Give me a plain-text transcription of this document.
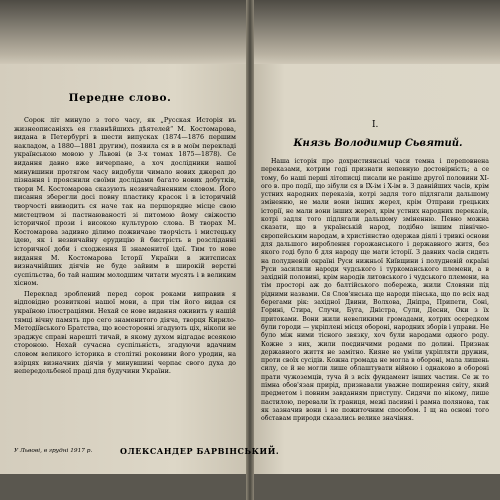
Передне слово.

Сорок літ минуло з того часу, як „Русская Исторія въ жизнеописаніяхъ ея главнѣйшихъ дѣятелей“ М. Костомарова, видана в Петербургі в шести випусках (1874—1876 першим накладом, а 1880—1881 другим), появила ся в в моїм перекладі українською мовою у Львові (в 3-х томах 1875—1878). Се видання давно вже вичерпане, а хоч дослідники нашої минувшини протягом часу видобули чимало нових джерел до пізнання і прояснили своїми дослідами багато нових добутків, твори М. Костомарова сказують незвичайненним словом. Його писання зберегли досі повну пластику красок і в історичній творчості ввиводить ся наче так на першорядне місце свою мистецтвом зі пастнаюваності зі питомою йому свіжостю історичної прози і високою культурою слова. В творах М. Костомарова задивно ділимо пожвичаве творчість і мистецьку ідею, як і незвичайну ерудицію й бистрість в розсліданні історичної доби і сходження її знаменитої ідеї. Тим то нове видання М. Костомарова Історії України в житєписах визначнійших діячів не буде зайвим в широкій верстві суспільства, бо тай нашим молодшим читати мусять і в великим хісном.

Переклад зроблений перед сорок роками виправив я відповідно розвиткові нашої мови, а при тім його видав ся україною ілюстраціями. Нехай се нове видання оживить у нашій тямці вічну память про сего знаменитого діяча, творця Кирило-Методіївського Братства, що всесторонні згадують ціх, ніколи не зраджує справі нарешті тичай, в якому духом відгадає всеякою стороною. Нехай сучасна суспільність, згадуючи вдачним словом великого історика в столітні роковини його уродин, на взірцях визначних діячів у минувшині черпає свого духа до непередольбеної праці для будучини України.

У Львові, в грудні 1917 р.	ОЛЕКСАНДЕР БАРВІНСЬКИЙ.
I.
Князь Володимир Сьвятий.

Наша історія про дохристиянські часи темна і переповнена переказами, котрим годі признати непевную достовірність; а се тому, бо наші перші літописці писали не раніше другої половини XI-ого в. про події, що зібули ся в IX-ім і X-ім в. З давнійших часів, крім устних народних переказів, котрі задля того підлягали дальшому зміненню, не мали вони інших жерел, крім Отправи грецьких історії, не мали вони інших жерел, крім устних народних переказів, котрі задля того підлягали дальшому зміненню. Певно можна сказати, що в українській народ, подібно іншим північно-європейським народам, в христіянство одержав діялі і тривкі основи для дальшого вироблення горожанського і державного житя, без якого годі було б для народу ще мати історії. З давних часів сидять на полудневій окраїні Руси нижньої Київщини і полудневій окраїні Руси засиляли народи чудського і туркоманського племени, а в західній половині, крім народів литовського і чудського племени, на тім просторі аж до балтійського побережа, жили Словяни під рідними назвами. Ся Слов'янська ще народи пінська, що по всіх над берегами рік: західної Двини, Волхова, Дніпра, Припети, Соні, Горині, Стира, Случи, Буга, Дністра, Сули, Десни, Оки з їх притоками. Вони жили невеликими громадами, котрих осередком були городи — укріплені місця обороні, народних зборів і управи. Не було між ними тісного звязку, хоч були народами одного роду. Кожне з них, жили поєдинчими родами по доливі. Признак державного життя не замітно. Кияне не уміли укріпляти дружин, проти своїх сусідів. Кожна громада не могла в обороні, мала лишень силу, се й не могли лише облаштувати війною і однаково в обороні прати чужоземців, туча й з всіх фундамент інших частин. Се ж то пімна обов'язан прирід, признавали уважне поширення світу, який предметом і повним завданням приступу. Сидячи по нікому, лише пастилою, перевали їх границя, межі пасивні і рамна полянова, так як зазначив вони і не пожиточним способом. І щ на основі того обставам природи сказались велике значіння.
